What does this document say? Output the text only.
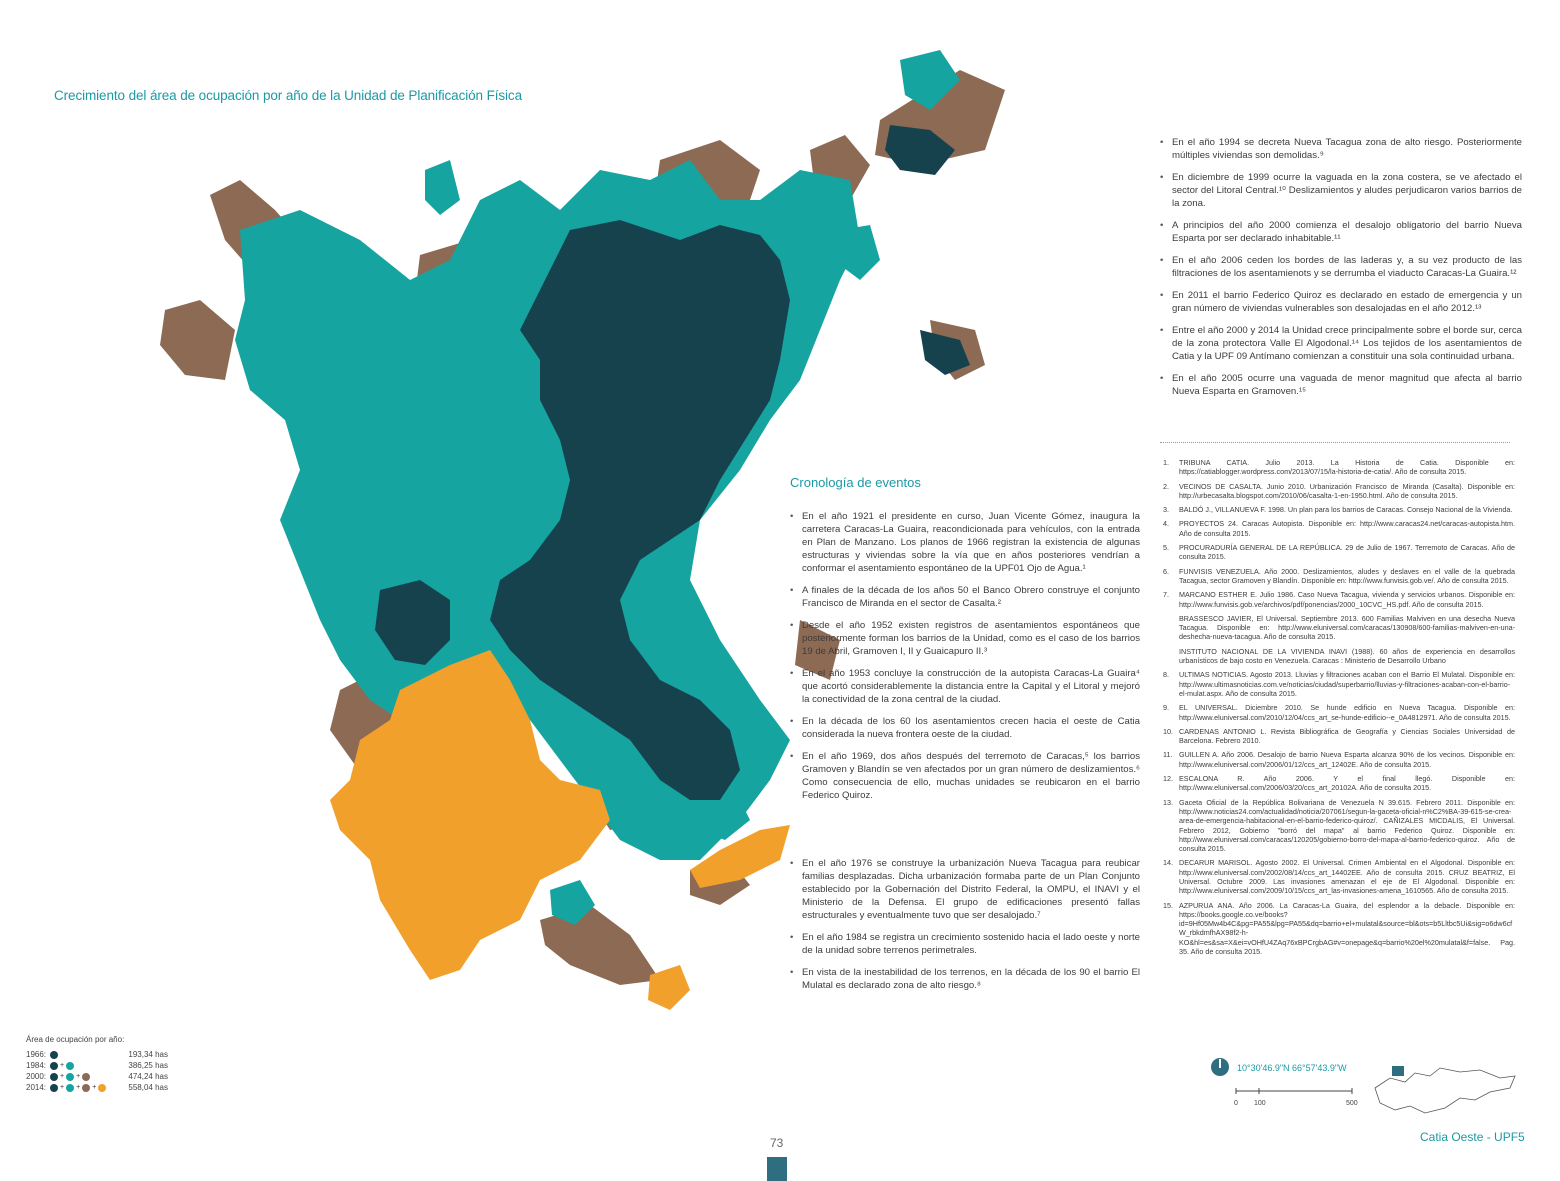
Crecimiento del área de ocupación por año de la Unidad de Planificación Física
Cronología de eventos
• En el año 1921 el presidente en curso, Juan Vicente Gómez, inaugura la carretera Caracas-La Guaira, reacondicionada para vehículos, con la entrada en Plan de Manzano. Los planos de 1966 registran la existencia de algunas estructuras y viviendas sobre la vía que en años posteriores vendrían a conformar el asentamiento espontáneo de la UPF01 Ojo de Agua.¹
• A finales de la década de los años 50 el Banco Obrero construye el conjunto Francisco de Miranda en el sector de Casalta.²
• Desde el año 1952 existen registros de asentamientos espontáneos que posteriormente forman los barrios de la Unidad, como es el caso de los barrios 19 de Abril, Gramoven I, II y Guaicapuro II.³
• En el año 1953 concluye la construcción de la autopista Caracas-La Guaira⁴ que acortó considerablemente la distancia entre la Capital y el Litoral y mejoró la conectividad de la zona central de la ciudad.
• En la década de los 60 los asentamientos crecen hacia el oeste de Catia considerada la nueva frontera oeste de la ciudad.
• En el año 1969, dos años después del terremoto de Caracas,⁵ los barrios Gramoven y Blandín se ven afectados por un gran número de deslizamientos.⁶ Como consecuencia de ello, muchas unidades se reubicaron en el barrio Federico Quiroz.
• En el año 1976 se construye la urbanización Nueva Tacagua para reubicar familias desplazadas. Dicha urbanización formaba parte de un Plan Conjunto establecido por la Gobernación del Distrito Federal, la OMPU, el INAVI y el Ministerio de la Defensa. El grupo de edificaciones presentó fallas estructurales y eventualmente tuvo que ser desalojado.⁷
• En el año 1984 se registra un crecimiento sostenido hacia el lado oeste y norte de la unidad sobre terrenos perimetrales.
• En vista de la inestabilidad de los terrenos, en la década de los 90 el barrio El Mulatal es declarado zona de alto riesgo.⁸
• En el año 1994 se decreta Nueva Tacagua zona de alto riesgo. Posteriormente múltiples viviendas son demolidas.⁹
• En diciembre de 1999 ocurre la vaguada en la zona costera, se ve afectado el sector del Litoral Central.¹⁰ Deslizamientos y aludes perjudicaron varios barrios de la zona.
• A principios del año 2000 comienza el desalojo obligatorio del barrio Nueva Esparta por ser declarado inhabitable.¹¹
• En el año 2006 ceden los bordes de las laderas y, a su vez producto de las filtraciones de los asentamienots y se derrumba el viaducto Caracas-La Guaira.¹²
• En 2011 el barrio Federico Quiroz es declarado en estado de emergencia y un gran número de viviendas vulnerables son desalojadas en el año 2012.¹³
• Entre el año 2000 y 2014 la Unidad crece principalmente sobre el borde sur, cerca de la zona protectora Valle El Algodonal.¹⁴ Los tejidos de los asentamientos de Catia y la UPF 09 Antímano comienzan a constituir una sola continuidad urbana.
• En el año 2005 ocurre una vaguada de menor magnitud que afecta al barrio Nueva Esparta en Gramoven.¹⁵
1. TRIBUNA CATIA. Julio 2013. La Historia de Catia. Disponible en: https://catiablogger.wordpress.com/2013/07/15/la-historia-de-catia/. Año de consulta 2015.
2. VECINOS DE CASALTA. Junio 2010. Urbanización Francisco de Miranda (Casalta). Disponible en: http://urbecasalta.blogspot.com/2010/06/casalta-1-en-1950.html. Año de consulta 2015.
3. BALDÓ J., VILLANUEVA F. 1998. Un plan para los barrios de Caracas. Consejo Nacional de la Vivienda.
4. PROYECTOS 24. Caracas Autopista. Disponible en: http://www.caracas24.net/caracas-autopista.htm. Año de consulta 2015.
5. PROCURADURÍA GENERAL DE LA REPÚBLICA. 29 de Julio de 1967. Terremoto de Caracas. Año de consulta 2015.
6. FUNVISIS VENEZUELA. Año 2000. Deslizamientos, aludes y deslaves en el valle de la quebrada Tacagua, sector Gramoven y Blandín. Disponible en: http://www.funvisis.gob.ve/. Año de consulta 2015.
7. MARCANO ESTHER E. Julio 1986. Caso Nueva Tacagua, vivienda y servicios urbanos. Disponible en: http://www.funvisis.gob.ve/archivos/pdf/ponencias/2000_10CVC_HS.pdf. Año de consulta 2015.
BRASSESCO JAVIER, El Universal. Septiembre 2013. 600 Familias Malviven en una desecha Nueva Tacagua. Disponible en: http://www.eluniversal.com/caracas/130908/600-familias-malviven-en-una-deshecha-nueva-tacagua. Año de consulta 2015.
INSTITUTO NACIONAL DE LA VIVIENDA INAVI (1988). 60 años de experiencia en desarrollos urbanísticos de bajo costo en Venezuela. Caracas : Ministerio de Desarrollo Urbano
8. ULTIMAS NOTICIAS. Agosto 2013. Lluvias y filtraciones acaban con el Barrio El Mulatal. Disponible en: http://www.ultimasnoticias.com.ve/noticias/ciudad/superbarrio/lluvias-y-filtraciones-acaban-con-el-barrio-el-mulat.aspx. Año de consulta 2015.
9. EL UNIVERSAL. Diciembre 2010. Se hunde edificio en Nueva Tacagua. Disponible en: http://www.eluniversal.com/2010/12/04/ccs_art_se-hunde-edificio--e_0A4812971. Año de consulta 2015.
10. CARDENAS ANTONIO L. Revista Bibliográfica de Geografía y Ciencias Sociales Universidad de Barcelona. Febrero 2010.
11. GUILLEN A. Año 2006. Desalojo de barrio Nueva Esparta alcanza 90% de los vecinos. Disponible en: http://www.eluniversal.com/2006/01/12/ccs_art_12402E. Año de consulta 2015.
12. ESCALONA R. Año 2006. Y el final llegó. Disponible en: http://www.eluniversal.com/2006/03/20/ccs_art_20102A. Año de consulta 2015.
13. Gaceta Oficial de la República Bolivariana de Venezuela N 39.615. Febrero 2011. Disponible en: http://www.noticias24.com/actualidad/noticia/207061/segun-la-gaceta-oficial-n%C2%BA-39-615-se-crea-area-de-emergencia-habitacional-en-el-barrio-federico-quiroz/. CAÑIZALES MICDALIS, El Universal. Febrero 2012, Gobierno "borró del mapa" al barrio Federico Quiroz. Disponible en: http://www.eluniversal.com/caracas/120205/gobierno-borro-del-mapa-al-barrio-federico-quiroz. Año de consulta 2015.
14. DECARUR MARISOL. Agosto 2002. El Universal. Crimen Ambiental en el Algodonal. Disponible en: http://www.eluniversal.com/2002/08/14/ccs_art_14402EE. Año de consulta 2015. CRUZ BEATRIZ, El Universal. Octubre 2009. Las invasiones amenazan el eje de El Algodonal. Disponible en: http://www.eluniversal.com/2009/10/15/ccs_art_las-invasiones-amena_1610565. Año de consulta 2015.
15. AZPURUA ANA. Año 2006. La Caracas-La Guaira, del esplendor a la debacle. Disponible en: https://books.google.co.ve/books?id=9Hf05Mw4b4C&pg=PA55&lpg=PA55&dq=barrio+el+mulatal&source=bl&ots=b5Lltbc5Ui&sig=o6dw6cfW_rbkdmfhAX98f2-h-KO&hl=es&sa=X&ei=vOHfU4ZAq76xBPCrgbAG#v=onepage&q=barrio%20el%20mulatal&f=false. Pag. 35. Año de consulta 2015.
Área de ocupación por año:
1966:	193,34 has
1984:	+	386,25 has
2000:	+ +	474,24 has
2014:	+ + +	558,04 has
10°30'46.9"N 66°57'43.9"W
0 100	500
Catia Oeste - UPF5
73
